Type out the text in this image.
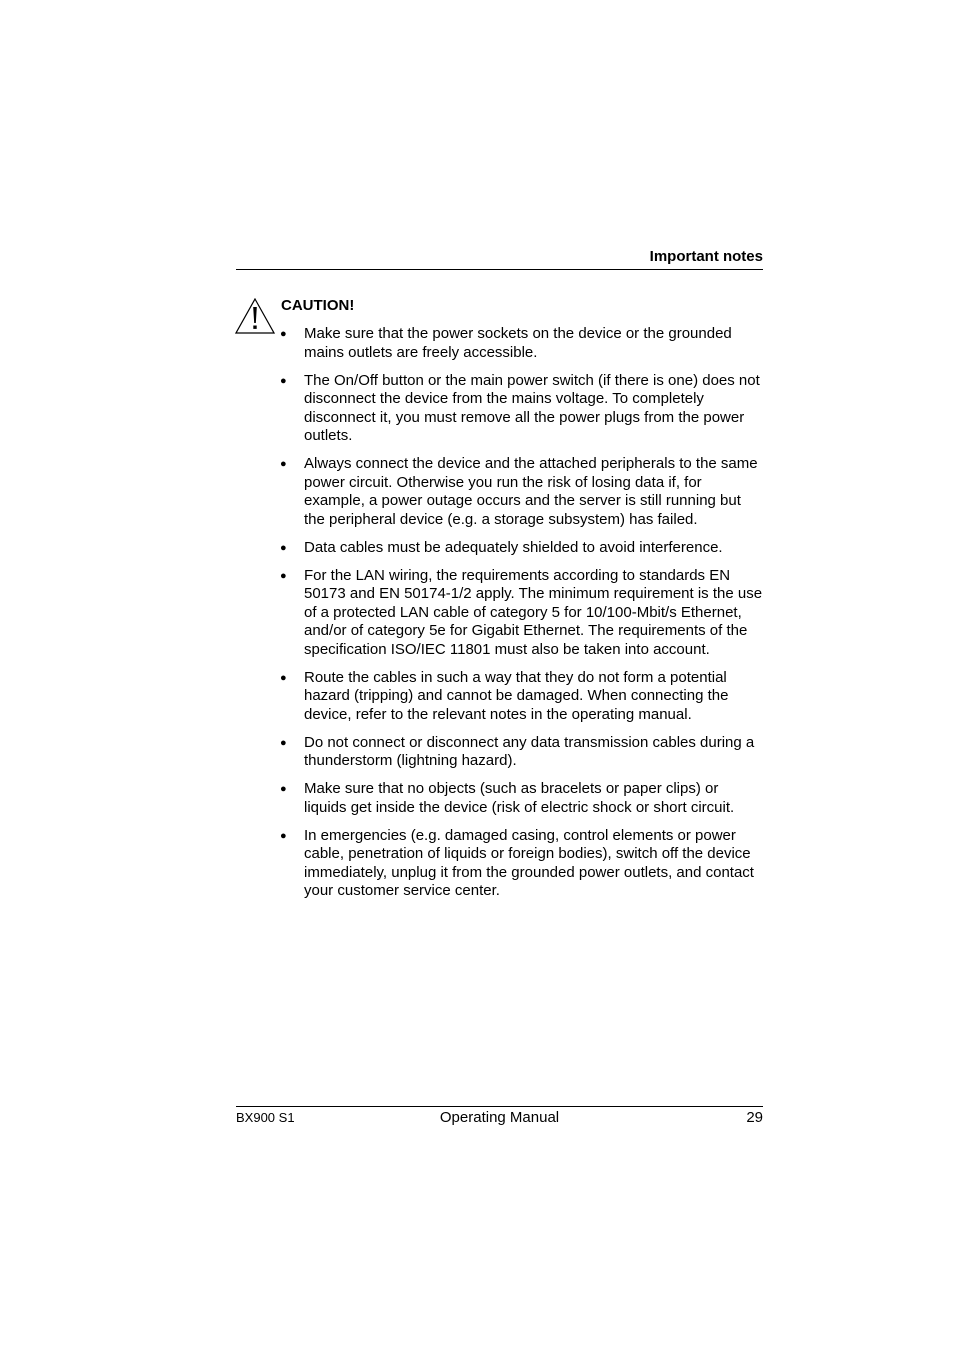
Important notes
CAUTION!
● Make sure that the power sockets on the device or the grounded mains outlets are freely accessible.
● The On/Off button or the main power switch (if there is one) does not disconnect the device from the mains voltage. To completely disconnect it, you must remove all the power plugs from the power outlets.
● Always connect the device and the attached peripherals to the same power circuit. Otherwise you run the risk of losing data if, for example, a power outage occurs and the server is still running but the peripheral device (e.g. a storage subsystem) has failed.
● Data cables must be adequately shielded to avoid interference.
● For the LAN wiring, the requirements according to standards EN 50173 and EN 50174-1/2 apply. The minimum requirement is the use of a protected LAN cable of category 5 for 10/100-Mbit/s Ethernet, and/or of category 5e for Gigabit Ethernet. The requirements of the specification ISO/IEC 11801 must also be taken into account.
● Route the cables in such a way that they do not form a potential hazard (tripping) and cannot be damaged. When connecting the device, refer to the relevant notes in the operating manual.
● Do not connect or disconnect any data transmission cables during a thunderstorm (lightning hazard).
● Make sure that no objects (such as bracelets or paper clips) or liquids get inside the device (risk of electric shock or short circuit.
● In emergencies (e.g. damaged casing, control elements or power cable, penetration of liquids or foreign bodies), switch off the device immediately, unplug it from the grounded power outlets, and contact your customer service center.
BX900 S1	Operating Manual	29
